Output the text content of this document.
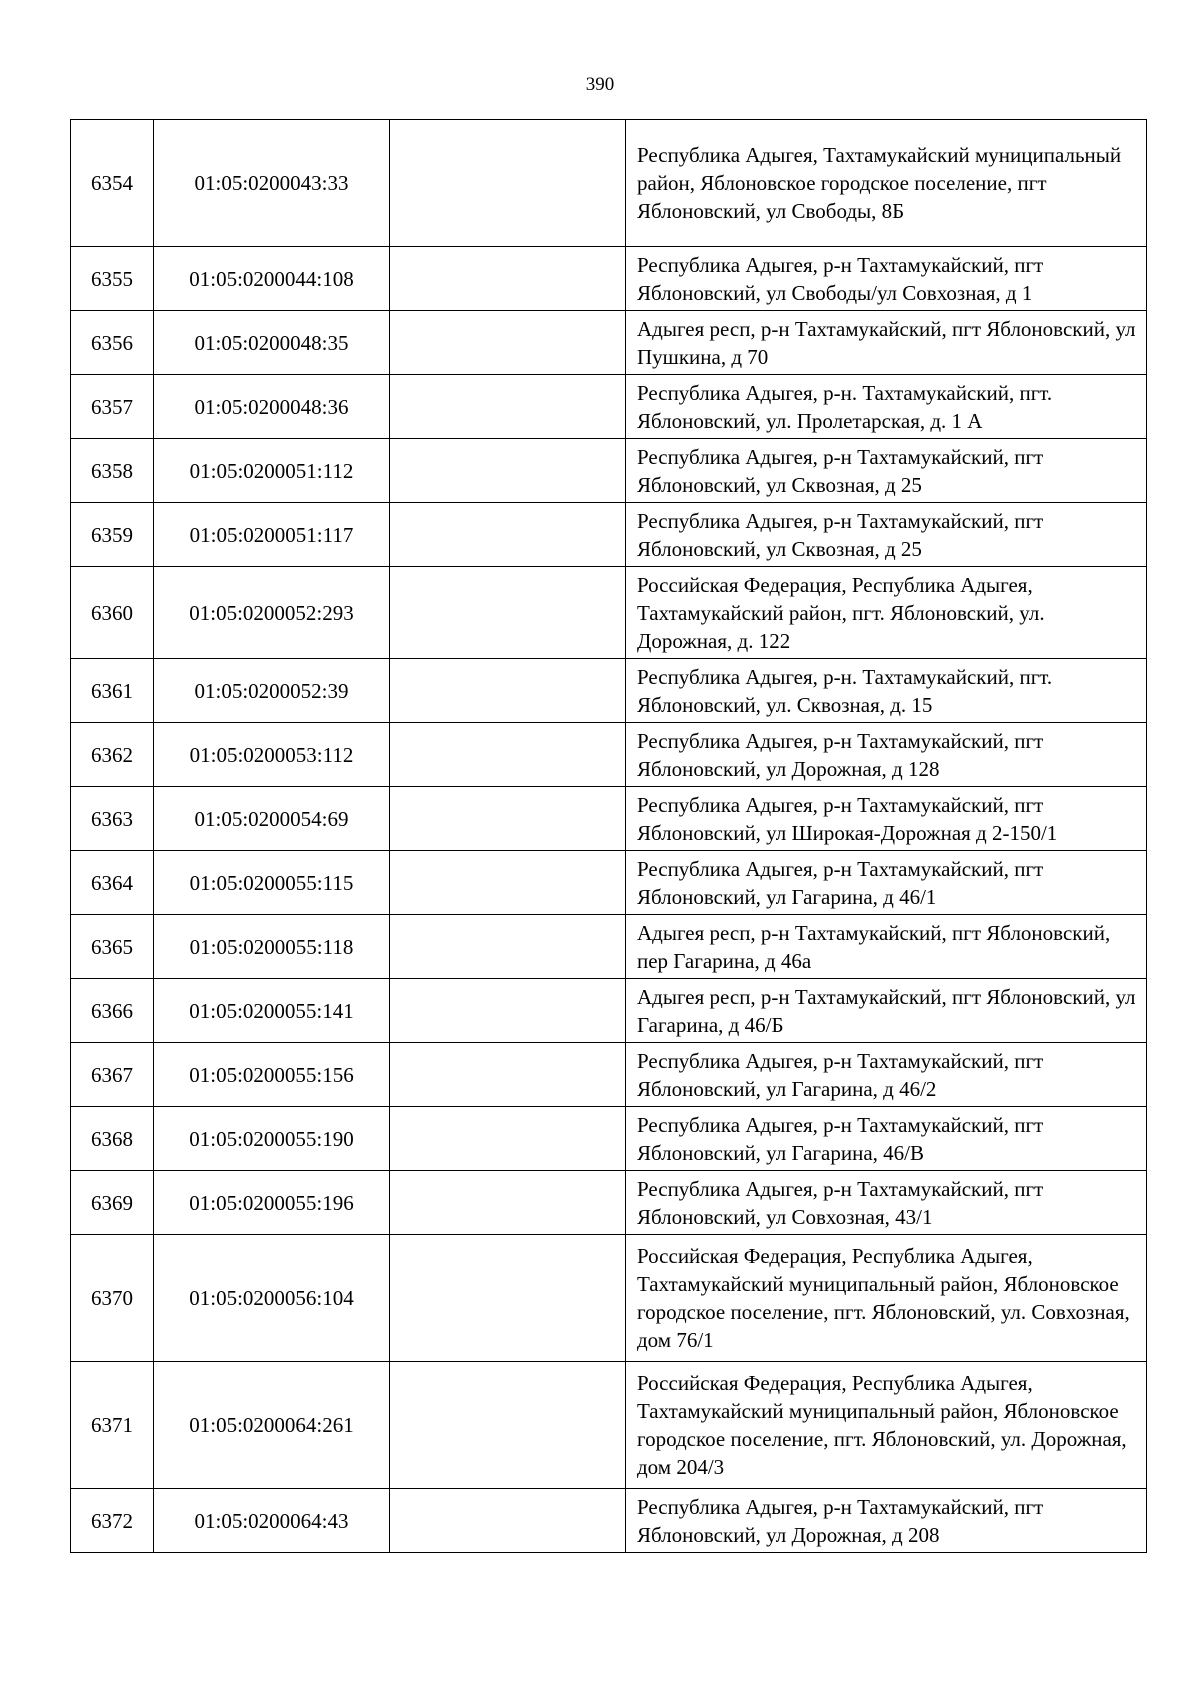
390
6354	01:05:0200043:33		Республика Адыгея, Тахтамукайский муниципальный район, Яблоновское городское поселение, пгт Яблоновский, ул Свободы, 8Б
6355	01:05:0200044:108		Республика Адыгея, р-н Тахтамукайский, пгт Яблоновский, ул Свободы/ул Совхозная, д 1
6356	01:05:0200048:35		Адыгея респ, р-н Тахтамукайский, пгт Яблоновский, ул Пушкина, д 70
6357	01:05:0200048:36		Республика Адыгея, р-н. Тахтамукайский, пгт. Яблоновский, ул. Пролетарская, д. 1 А
6358	01:05:0200051:112		Республика Адыгея, р-н Тахтамукайский, пгт Яблоновский, ул Сквозная, д 25
6359	01:05:0200051:117		Республика Адыгея, р-н Тахтамукайский, пгт Яблоновский, ул Сквозная, д 25
6360	01:05:0200052:293		Российская Федерация, Республика Адыгея, Тахтамукайский район, пгт. Яблоновский, ул. Дорожная, д. 122
6361	01:05:0200052:39		Республика Адыгея, р-н. Тахтамукайский, пгт. Яблоновский, ул. Сквозная, д. 15
6362	01:05:0200053:112		Республика Адыгея, р-н Тахтамукайский, пгт Яблоновский, ул Дорожная, д 128
6363	01:05:0200054:69		Республика Адыгея, р-н Тахтамукайский, пгт Яблоновский, ул Широкая-Дорожная д 2-150/1
6364	01:05:0200055:115		Республика Адыгея, р-н Тахтамукайский, пгт Яблоновский, ул Гагарина, д 46/1
6365	01:05:0200055:118		Адыгея респ, р-н Тахтамукайский, пгт Яблоновский, пер Гагарина, д 46а
6366	01:05:0200055:141		Адыгея респ, р-н Тахтамукайский, пгт Яблоновский, ул Гагарина, д 46/Б
6367	01:05:0200055:156		Республика Адыгея, р-н Тахтамукайский, пгт Яблоновский, ул Гагарина, д 46/2
6368	01:05:0200055:190		Республика Адыгея, р-н Тахтамукайский, пгт Яблоновский, ул Гагарина, 46/В
6369	01:05:0200055:196		Республика Адыгея, р-н Тахтамукайский, пгт Яблоновский, ул Совхозная, 43/1
6370	01:05:0200056:104		Российская Федерация, Республика Адыгея, Тахтамукайский муниципальный район, Яблоновское городское поселение, пгт. Яблоновский, ул. Совхозная, дом 76/1
6371	01:05:0200064:261		Российская Федерация, Республика Адыгея, Тахтамукайский муниципальный район, Яблоновское городское поселение, пгт. Яблоновский, ул. Дорожная, дом 204/3
6372	01:05:0200064:43		Республика Адыгея, р-н Тахтамукайский, пгт Яблоновский, ул Дорожная, д 208
